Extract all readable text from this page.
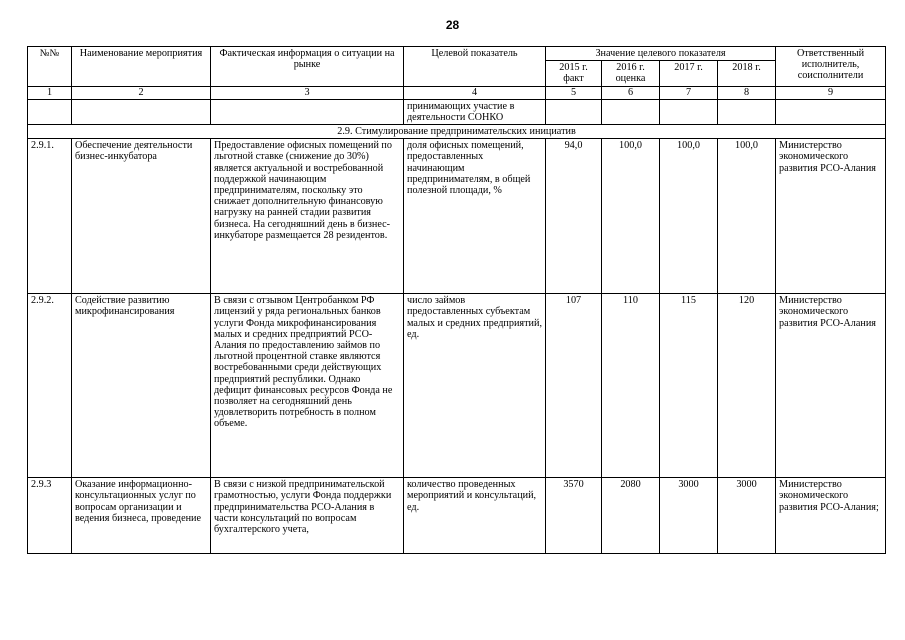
28
№№	Наименование мероприятия	Фактическая информация о ситуации на рынке	Целевой показатель	Значение целевого показателя				Ответственный исполнитель, соисполнители
				2015 г. факт	2016 г. оценка	2017 г.	2018 г.	
1	2	3	4	5	6	7	8	9
			принимающих участие в деятельности СОНКО					
2.9. Стимулирование предпринимательских инициатив								
2.9.1.	Обеспечение деятельности бизнес-инкубатора	Предоставление офисных помещений по льготной ставке (снижение до 30%) является актуальной и востребованной поддержкой начинающим предпринимателям, поскольку это снижает дополнительную финансовую нагрузку на ранней стадии развития бизнеса. На сегодняшний день в бизнес-инкубаторе размещается 28 резидентов.	доля офисных помещений, предоставленных начинающим предпринимателям, в общей полезной площади, %	94,0	100,0	100,0	100,0	Министерство экономического развития РСО-Алания
2.9.2.	Содействие развитию микрофинансирования	В связи с отзывом Центробанком РФ лицензий у ряда региональных банков услуги Фонда микрофинансирования малых и средних предприятий РСО-Алания по предоставлению займов по льготной процентной ставке являются востребованными среди действующих предприятий республики. Однако дефицит финансовых ресурсов Фонда не позволяет на сегодняшний день удовлетворить потребность в полном объеме.	число займов предоставленных субъектам малых и средних предприятий, ед.	107	110	115	120	Министерство экономического развития РСО-Алания
2.9.3	Оказание информационно-консультационных услуг по вопросам организации и ведения бизнеса, проведение	В связи с низкой предпринимательской грамотностью, услуги Фонда поддержки предпринимательства РСО-Алания в части консультаций по вопросам бухгалтерского учета,	количество проведенных мероприятий и консультаций, ед.	3570	2080	3000	3000	Министерство экономического развития РСО-Алания;
